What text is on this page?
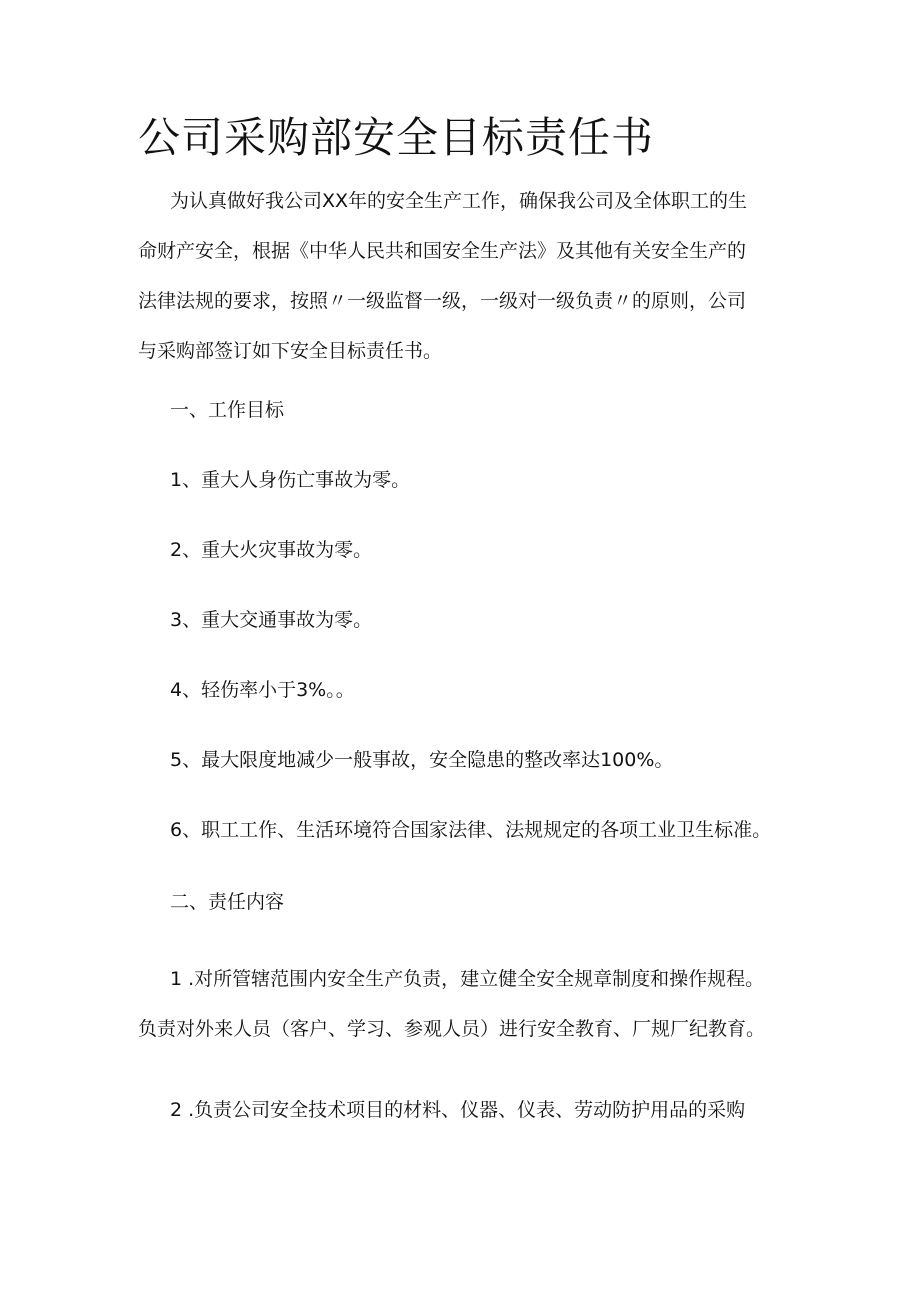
公司采购部安全目标责任书
为认真做好我公司XX年的安全生产工作，确保我公司及全体职工的生
命财产安全，根据《中华人民共和国安全生产法》及其他有关安全生产的
法律法规的要求，按照〃一级监督一级，一级对一级负责〃的原则，公司
与采购部签订如下安全目标责任书。
一、工作目标
1、重大人身伤亡事故为零。
2、重大火灾事故为零。
3、重大交通事故为零。
4、轻伤率小于3%。。
5、最大限度地减少一般事故，安全隐患的整改率达100%。
6、职工工作、生活环境符合国家法律、法规规定的各项工业卫生标准。
二、责任内容
1 .对所管辖范围内安全生产负责，建立健全安全规章制度和操作规程。
负责对外来人员（客户、学习、参观人员）进行安全教育、厂规厂纪教育。
2 .负责公司安全技术项目的材料、仪器、仪表、劳动防护用品的采购
